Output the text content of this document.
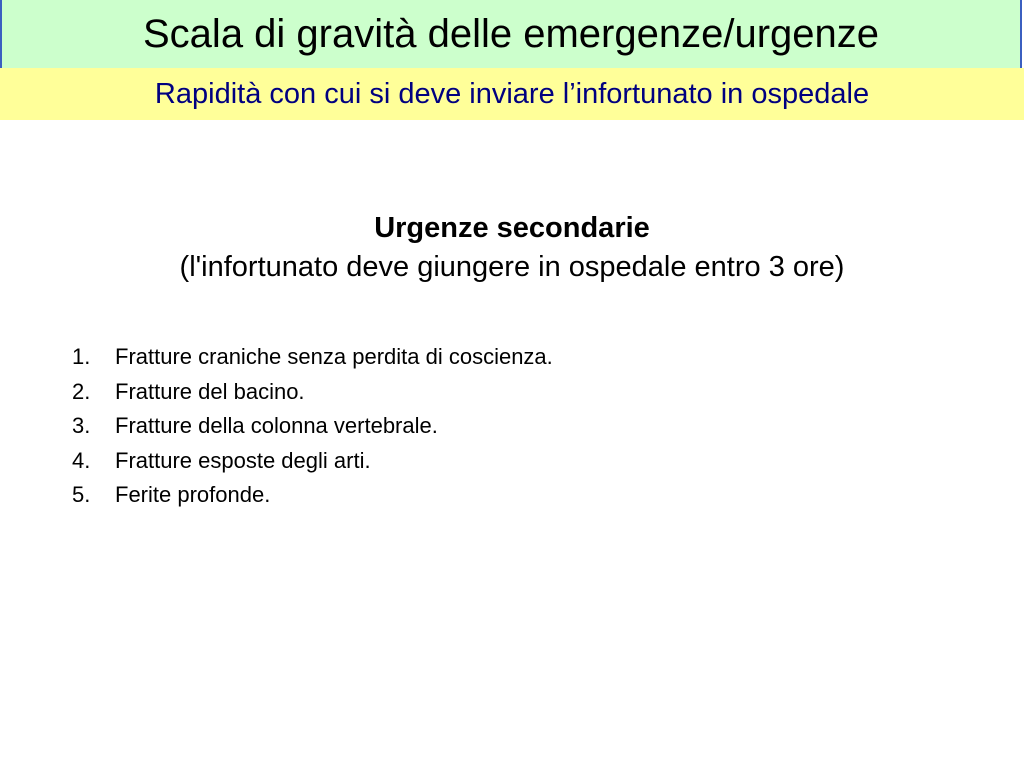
Scala di gravità delle emergenze/urgenze
Rapidità con cui si deve inviare l’infortunato in ospedale
Urgenze secondarie
(l'infortunato deve giungere in ospedale entro 3 ore)
1.	Fratture craniche senza perdita di coscienza.
2.	Fratture del bacino.
3.	Fratture della colonna vertebrale.
4.	Fratture esposte degli arti.
5.	Ferite profonde.
